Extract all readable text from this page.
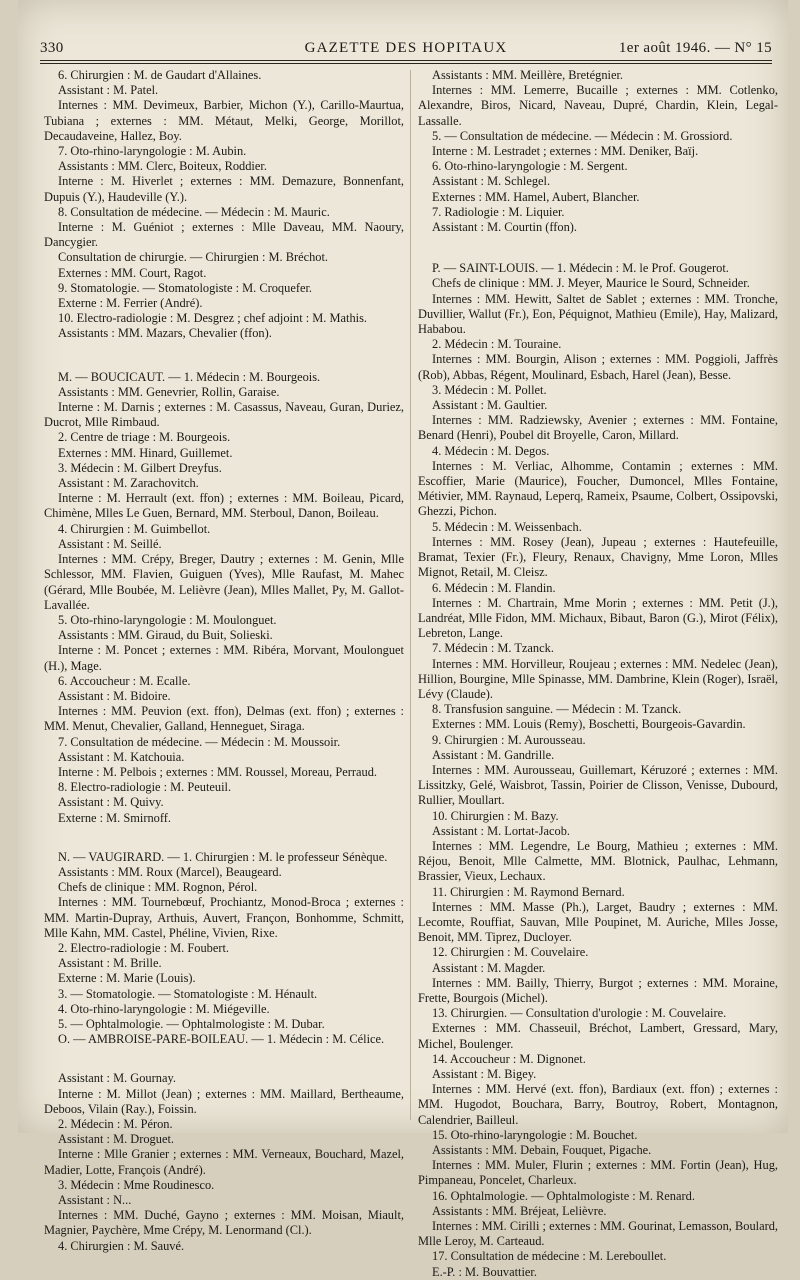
330	GAZETTE DES HOPITAUX	1er août 1946. — N° 15

6. Chirurgien : M. de Gaudart d'Allaines.

Assistant : M. Patel.

Internes : MM. Devimeux, Barbier, Michon (Y.), Carillo-Maurtua, Tubiana ; externes : MM. Métaut, Melki, George, Morillot, Decaudaveine, Hallez, Boy.

7. Oto-rhino-laryngologie : M. Aubin.

Assistants : MM. Clerc, Boiteux, Roddier.

Interne : M. Hiverlet ; externes : MM. Demazure, Bonnenfant, Dupuis (Y.), Haudeville (Y.).

8. Consultation de médecine. — Médecin : M. Mauric.

Interne : M. Guéniot ; externes : Mlle Daveau, MM. Naoury, Dancygier.

Consultation de chirurgie. — Chirurgien : M. Bréchot.

Externes : MM. Court, Ragot.

9. Stomatologie. — Stomatologiste : M. Croquefer.

Externe : M. Ferrier (André).

10. Electro-radiologie : M. Desgrez ; chef adjoint : M. Mathis.

Assistants : MM. Mazars, Chevalier (ffon).

M. — BOUCICAUT. — 1. Médecin : M. Bourgeois.

Assistants : MM. Genevrier, Rollin, Garaise.

Interne : M. Darnis ; externes : M. Casassus, Naveau, Guran, Duriez, Ducrot, Mlle Rimbaud.

2. Centre de triage : M. Bourgeois.

Externes : MM. Hinard, Guillemet.

3. Médecin : M. Gilbert Dreyfus.

Assistant : M. Zarachovitch.

Interne : M. Herrault (ext. ffon) ; externes : MM. Boileau, Picard, Chimène, Mlles Le Guen, Bernard, MM. Sterboul, Danon, Boileau.

4. Chirurgien : M. Guimbellot.

Assistant : M. Seillé.

Internes : MM. Crépy, Breger, Dautry ; externes : M. Genin, Mlle Schlessor, MM. Flavien, Guiguen (Yves), Mlle Raufast, M. Mahec (Gérard, Mlle Boubée, M. Lelièvre (Jean), Mlles Mallet, Py, M. Gallot-Lavallée.

5. Oto-rhino-laryngologie : M. Moulonguet.

Assistants : MM. Giraud, du Buit, Solieski.

Interne : M. Poncet ; externes : MM. Ribéra, Morvant, Moulonguet (H.), Mage.

6. Accoucheur : M. Ecalle.

Assistant : M. Bidoire.

Internes : MM. Peuvion (ext. ffon), Delmas (ext. ffon) ; externes : MM. Menut, Chevalier, Galland, Henneguet, Siraga.

7. Consultation de médecine. — Médecin : M. Moussoir.

Assistant : M. Katchouia.

Interne : M. Pelbois ; externes : MM. Roussel, Moreau, Perraud.

8. Electro-radiologie : M. Peuteuil.

Assistant : M. Quivy.

Externe : M. Smirnoff.

N. — VAUGIRARD. — 1. Chirurgien : M. le professeur Sénèque.

Assistants : MM. Roux (Marcel), Beaugeard.

Chefs de clinique : MM. Rognon, Pérol.

Internes : MM. Tournebœuf, Prochiantz, Monod-Broca ; externes : MM. Martin-Dupray, Arthuis, Auvert, Françon, Bonhomme, Schmitt, Mlle Kahn, MM. Castel, Phéline, Vivien, Rixe.

2. Electro-radiologie : M. Foubert.

Assistant : M. Brille.

Externe : M. Marie (Louis).

3. — Stomatologie. — Stomatologiste : M. Hénault.

4. Oto-rhino-laryngologie : M. Miégeville.

5. — Ophtalmologie. — Ophtalmologiste : M. Dubar.

O. — AMBROISE-PARE-BOILEAU. — 1. Médecin : M. Célice.

Assistant : M. Gournay.

Interne : M. Millot (Jean) ; externes : MM. Maillard, Bertheaume, Deboos, Vilain (Ray.), Foissin.

2. Médecin : M. Péron.

Assistant : M. Droguet.

Interne : Mlle Granier ; externes : MM. Verneaux, Bouchard, Mazel, Madier, Lotte, François (André).

3. Médecin : Mme Roudinesco.

Assistant : N...

Internes : MM. Duché, Gayno ; externes : MM. Moisan, Miault, Magnier, Paychère, Mme Crépy, M. Lenormand (Cl.).

4. Chirurgien : M. Sauvé.

Assistants : MM. Meillère, Bretégnier.

Internes : MM. Lemerre, Bucaille ; externes : MM. Cotlenko, Alexandre, Biros, Nicard, Naveau, Dupré, Chardin, Klein, Legal-Lassalle.

5. — Consultation de médecine. — Médecin : M. Grossiord.

Interne : M. Lestradet ; externes : MM. Deniker, Baïj.

6. Oto-rhino-laryngologie : M. Sergent.

Assistant : M. Schlegel.

Externes : MM. Hamel, Aubert, Blancher.

7. Radiologie : M. Liquier.

Assistant : M. Courtin (ffon).

P. — SAINT-LOUIS. — 1. Médecin : M. le Prof. Gougerot.

Chefs de clinique : MM. J. Meyer, Maurice le Sourd, Schneider.

Internes : MM. Hewitt, Saltet de Sablet ; externes : MM. Tronche, Duvillier, Wallut (Fr.), Eon, Péquignot, Mathieu (Emile), Hay, Malizard, Hababou.

2. Médecin : M. Touraine.

Internes : MM. Bourgin, Alison ; externes : MM. Poggioli, Jaffrès (Rob), Abbas, Régent, Moulinard, Esbach, Harel (Jean), Besse.

3. Médecin : M. Pollet.

Assistant : M. Gaultier.

Internes : MM. Radziewsky, Avenier ; externes : MM. Fontaine, Benard (Henri), Poubel dit Broyelle, Caron, Millard.

4. Médecin : M. Degos.

Internes : M. Verliac, Alhomme, Contamin ; externes : MM. Escoffier, Marie (Maurice), Foucher, Dumoncel, Mlles Fontaine, Métivier, MM. Raynaud, Leperq, Rameix, Psaume, Colbert, Ossipovski, Ghezzi, Pichon.

5. Médecin : M. Weissenbach.

Internes : MM. Rosey (Jean), Jupeau ; externes : Hautefeuille, Bramat, Texier (Fr.), Fleury, Renaux, Chavigny, Mme Loron, Mlles Mignot, Retail, M. Cleisz.

6. Médecin : M. Flandin.

Internes : M. Chartrain, Mme Morin ; externes : MM. Petit (J.), Landréat, Mlle Fidon, MM. Michaux, Bibaut, Baron (G.), Mirot (Félix), Lebreton, Lange.

7. Médecin : M. Tzanck.

Internes : MM. Horvilleur, Roujeau ; externes : MM. Nedelec (Jean), Hillion, Bourgine, Mlle Spinasse, MM. Dambrine, Klein (Roger), Israël, Lévy (Claude).

8. Transfusion sanguine. — Médecin : M. Tzanck.

Externes : MM. Louis (Remy), Boschetti, Bourgeois-Gavardin.

9. Chirurgien : M. Aurousseau.

Assistant : M. Gandrille.

Internes : MM. Aurousseau, Guillemart, Kéruzoré ; externes : MM. Lissitzky, Gelé, Waisbrot, Tassin, Poirier de Clisson, Venisse, Dubourd, Rullier, Moullart.

10. Chirurgien : M. Bazy.

Assistant : M. Lortat-Jacob.

Internes : MM. Legendre, Le Bourg, Mathieu ; externes : MM. Réjou, Benoit, Mlle Calmette, MM. Blotnick, Paulhac, Lehmann, Brassier, Vieux, Lechaux.

11. Chirurgien : M. Raymond Bernard.

Internes : MM. Masse (Ph.), Larget, Baudry ; externes : MM. Lecomte, Rouffiat, Sauvan, Mlle Poupinet, M. Auriche, Mlles Josse, Benoit, MM. Tiprez, Ducloyer.

12. Chirurgien : M. Couvelaire.

Assistant : M. Magder.

Internes : MM. Bailly, Thierry, Burgot ; externes : MM. Moraine, Frette, Bourgois (Michel).

13. Chirurgien. — Consultation d'urologie : M. Couvelaire.

Externes : MM. Chasseuil, Bréchot, Lambert, Gressard, Mary, Michel, Boulenger.

14. Accoucheur : M. Dignonet.

Assistant : M. Bigey.

Internes : MM. Hervé (ext. ffon), Bardiaux (ext. ffon) ; externes : MM. Hugodot, Bouchara, Barry, Boutroy, Robert, Montagnon, Calendrier, Bailleul.

15. Oto-rhino-laryngologie : M. Bouchet.

Assistants : MM. Debain, Fouquet, Pigache.

Internes : MM. Muler, Flurin ; externes : MM. Fortin (Jean), Hug, Pimpaneau, Poncelet, Charleux.

16. Ophtalmologie. — Ophtalmologiste : M. Renard.

Assistants : MM. Bréjeat, Lelièvre.

Internes : MM. Cirilli ; externes : MM. Gourinat, Lemasson, Boulard, Mlle Leroy, M. Carteaud.

17. Consultation de médecine : M. Lereboullet.

E.-P. : M. Bouvattier.
